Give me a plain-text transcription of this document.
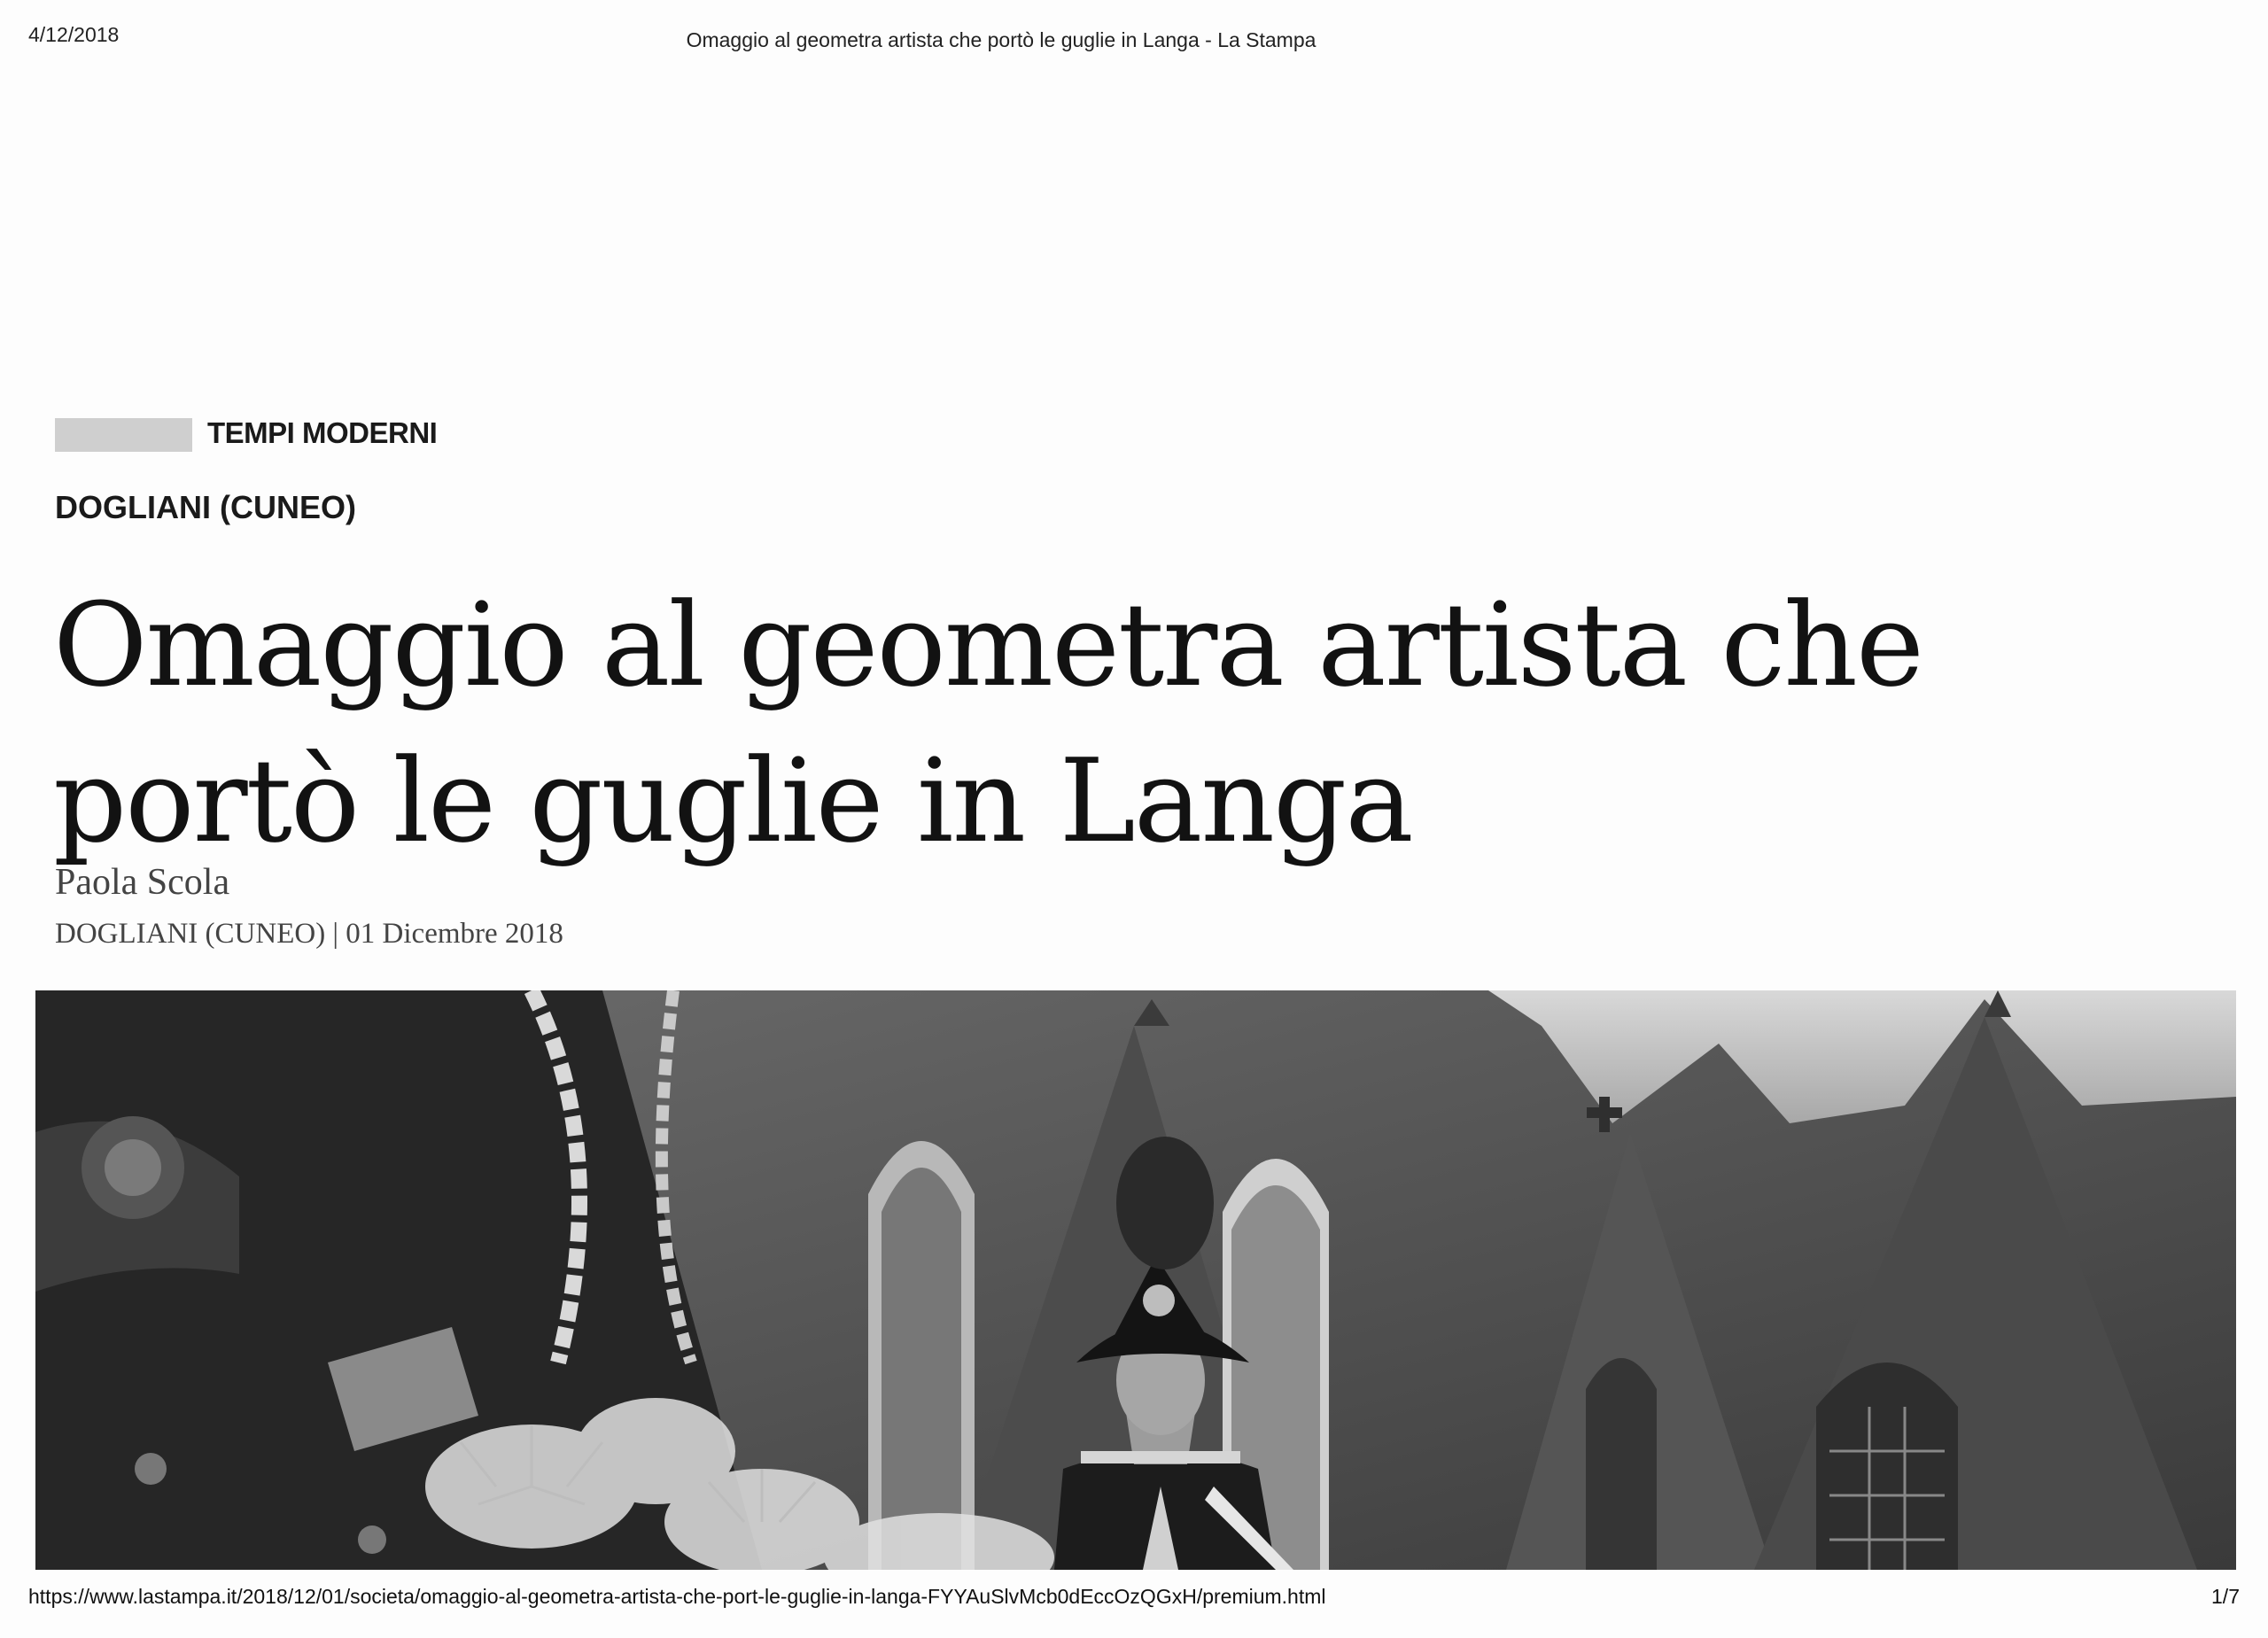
4/12/2018	Omaggio al geometra artista che portò le guglie in Langa - La Stampa
TEMPI MODERNI
DOGLIANI (CUNEO)
Omaggio al geometra artista che
portò le guglie in Langa
Paola Scola
DOGLIANI (CUNEO) | 01 Dicembre 2018
https://www.lastampa.it/2018/12/01/societa/omaggio-al-geometra-artista-che-port-le-guglie-in-langa-FYYAuSlvMcb0dEccOzQGxH/premium.html	1/7
